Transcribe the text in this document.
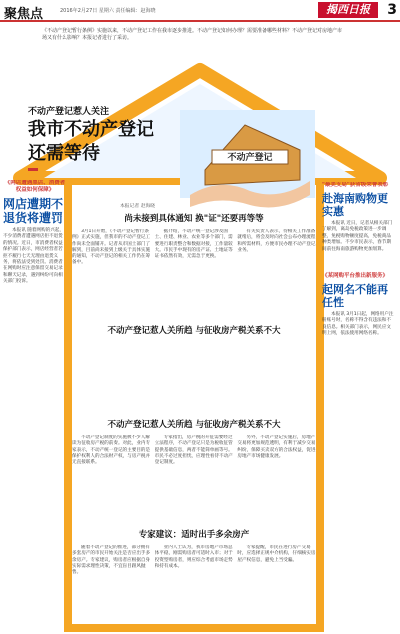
聚焦点	2016年2月27日 星期六 责任编辑：赵海晓	揭西日报	3
《不动产登记暂行条例》实施以来，不动产登记工作在我市逐步推进。不动产登记如何办理？需要准备哪些材料？不动产登记对房地产市场又有什么影响？本报记者进行了采访。
不动产登记
不动产登记惹人关注
我市不动产登记
还需等待
本报记者 赵海晓
尚未接到具体通知 换"证"还要再等等
3月1日开始，《不动产登记暂行条例》正式实施，但我市的不动产登记工作尚未全面铺开。记者从市国土部门了解到，目前尚未接到上级关于具体实施的通知，不动产登记的相关工作仍在筹备中。
据介绍，不动产统一登记涉及国土、住建、林业、农业等多个部门，需要进行职责整合和数据对接，工作量较大。市民手中现有的房产证、土地证等证书依然有效，无需急于更换。
有关负责人表示，待相关工作准备就绪后，将会及时向社会公布办理流程和所需材料，方便市民办理不动产登记业务。
不动产登记惹人关所趋 与征收房产税关系不大
不动产登记惹人关所趋 与征收房产税关系不大
不动产登记制度的实施被不少人解读为征收房产税的前奏。对此，业内专家表示，不动产统一登记的主要目的是保护权利人的合法财产权，与房产税并无直接联系。
专家指出，房产税的开征需要经过立法程序，不动产登记只是为税收征管提供基础信息，两者不能简单画等号。市民不必过度担忧，应理性看待不动产登记制度。
另外，不动产登记实施后，房地产交易将更加规范透明，有利于减少交易纠纷，保障买卖双方的合法权益，促进房地产市场健康发展。
专家建议：适时出手多余房产
随着不动产登记的推进，部分拥有多套房产的市民开始关注是否应出手多余房产。专家建议，购房者应根据自身实际需求理性决策，不宜盲目跟风抛售。
业内人士认为，我市房地产市场总体平稳，刚需购房者可适时入市；对于投资型购房者，则应综合考虑市场走势和持有成本。
专家提醒，市民在进行房产交易时，应选择正规中介机构，仔细核实房屋产权信息，避免上当受骗。
《网店遭遇黑店、消费者权益如何保障》
网店遭期不退货将遭罚
本报讯 随着网购的兴起，不少消费者遭遇网店拒不退货的情况。近日，市消费者权益保护部门表示，网店经营者若拒不履行七天无理由退货义务，将依法受到处罚。消费者在网购时应注意保留交易记录和聊天记录，遇到纠纷可向相关部门投诉。
"最美支局"获省级荣誉表彰
赴海南购物更实惠
本报讯 近日，记者从相关部门了解到，离岛免税政策进一步调整，免税购物额度提高，免税商品种类增加。不少市民表示，春节期间前往海南旅游购物更加划算。
《某网购平台推出新服务》
起网名不能再任性
本报讯 3月1日起，网络用户注册账号时，名称不得含有违法和不良信息。相关部门表示，网民应文明上网，依法使用网络名称。
